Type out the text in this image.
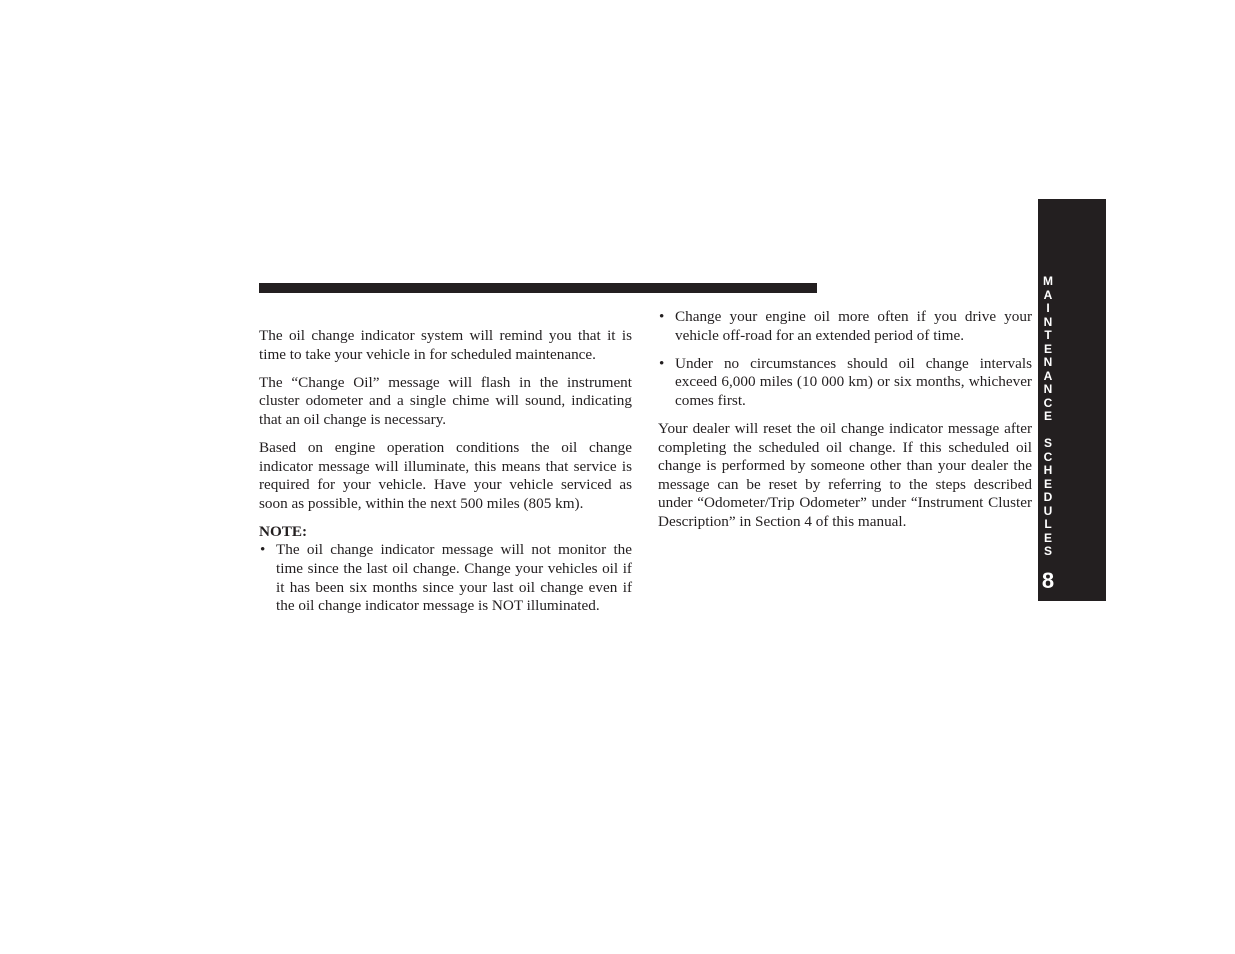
The oil change indicator system will remind you that it is time to take your vehicle in for scheduled maintenance.

The “Change Oil” message will flash in the instrument cluster odometer and a single chime will sound, indicating that an oil change is necessary.

Based on engine operation conditions the oil change indicator message will illuminate, this means that service is required for your vehicle. Have your vehicle serviced as soon as possible, within the next 500 miles (805 km).

NOTE:

• The oil change indicator message will not monitor the time since the last oil change. Change your vehicles oil if it has been six months since your last oil change even if the oil change indicator message is NOT illuminated.
• Change your engine oil more often if you drive your vehicle off-road for an extended period of time.
• Under no circumstances should oil change intervals exceed 6,000 miles (10 000 km) or six months, whichever comes first.

Your dealer will reset the oil change indicator message after completing the scheduled oil change. If this scheduled oil change is performed by someone other than your dealer the message can be reset by referring to the steps described under “Odometer/Trip Odometer” under “Instrument Cluster Description” in Section 4 of this manual.

M
A
I
N
T
E
N
A
N
C
E

S
C
H
E
D
U
L
E
S
8
